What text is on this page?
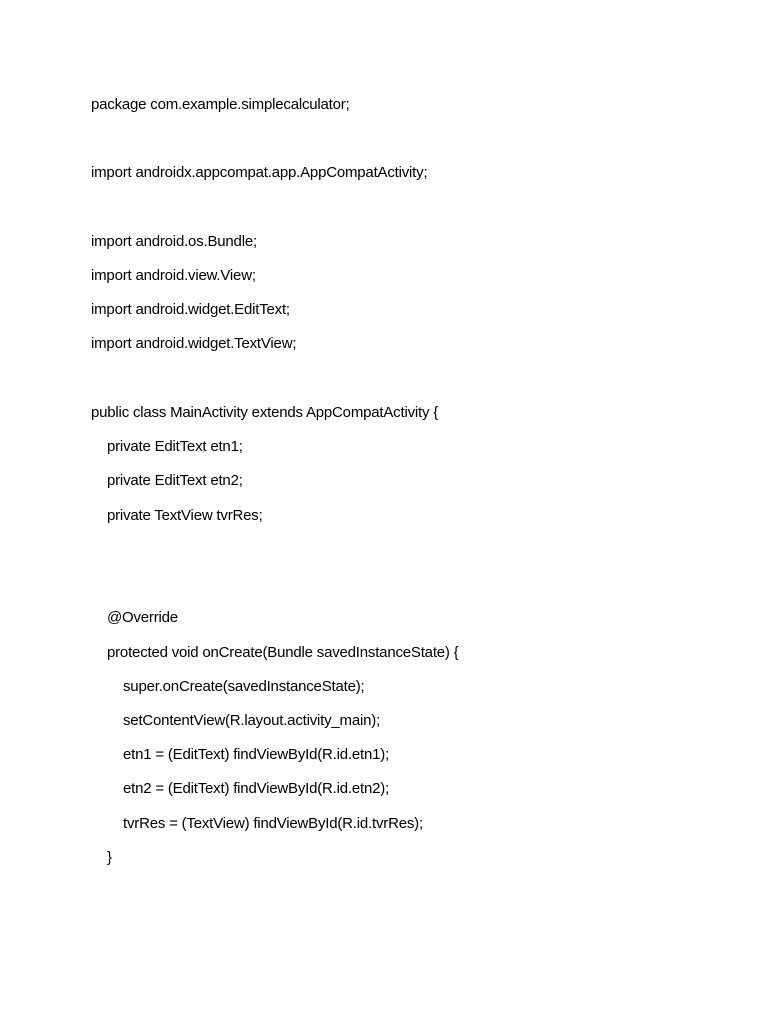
package com.example.simplecalculator;
import androidx.appcompat.app.AppCompatActivity;
import android.os.Bundle;
import android.view.View;
import android.widget.EditText;
import android.widget.TextView;
public class MainActivity extends AppCompatActivity {
private EditText etn1;
private EditText etn2;
private TextView tvrRes;
@Override
protected void onCreate(Bundle savedInstanceState) {
super.onCreate(savedInstanceState);
setContentView(R.layout.activity_main);
etn1 = (EditText) findViewById(R.id.etn1);
etn2 = (EditText) findViewById(R.id.etn2);
tvrRes = (TextView) findViewById(R.id.tvrRes);
}
